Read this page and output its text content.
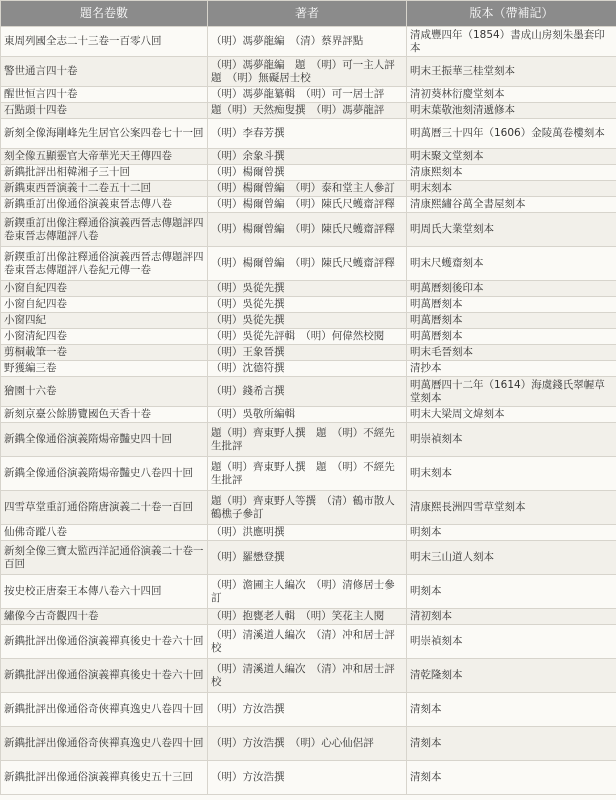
題名卷數	著者	版本（帶補記）
東周列國全志二十三卷一百零八回	（明）馮夢龍編　（清）蔡界評點	清咸豐四年（1854）書成山房刻朱墨套印本
警世通言四十卷	（明）馮夢龍編　題　（明）可一主人評　題　（明）無礙居士校	明末王振華三桂堂刻本
醒世恒言四十卷	（明）馮夢龍纂輯　（明）可一居士評	清初葵林衍慶堂刻本
石點頭十四卷	題（明）天然痴叟撰　（明）馮夢龍評	明末葉敬池刻清遞修本
新刻全像海剛峰先生居官公案四卷七十一回	（明）李春芳撰	明萬曆三十四年（1606）金陵萬卷樓刻本
刻全像五顯靈官大帝華光天王傳四卷	（明）余象斗撰	明末聚文堂刻本
新鐫批評出相韓湘子三十回	（明）楊爾曾撰	清康熙刻本
新鐫東西晉演義十二卷五十二回	（明）楊爾曾編　（明）泰和堂主人參訂	明末刻本
新鐫重訂出像通俗演義東晉志傳八卷	（明）楊爾曾編　（明）陳氏尺蠖齋評釋	清康熙繡谷萬全書屋刻本
新鍥重訂出像注釋通俗演義西晉志傳題評四卷東晉志傳題評八卷	（明）楊爾曾編　（明）陳氏尺蠖齋評釋	明周氏大業堂刻本
新鍥重訂出像註釋通俗演義西晉志傳題評四卷東晉志傳題評八卷紀元傳一卷	（明）楊爾曾編　（明）陳氏尺蠖齋評釋	明末尺蠖齋刻本
小窗自紀四卷	（明）吳從先撰	明萬曆刻後印本
小窗自紀四卷	（明）吳從先撰	明萬曆刻本
小窗四紀	（明）吳從先撰	明萬曆刻本
小窗清紀四卷	（明）吳從先評輯　（明）何偉然校閱	明萬曆刻本
剪桐載筆一卷	（明）王象晉撰	明末毛晉刻本
野獲編三卷	（明）沈德符撰	清抄本
獪園十六卷	（明）錢希言撰	明萬曆四十二年（1614）海虞錢氏翠幄草堂刻本
新刻京臺公餘勝覽國色天香十卷	（明）吳敬所編輯	明末大梁周文煒刻本
新鐫全像通俗演義隋煬帝豔史四十回	題（明）齊東野人撰　題　（明）不經先生批評	明崇禎刻本
新鐫全像通俗演義隋煬帝豔史八卷四十回	題（明）齊東野人撰　題　（明）不經先生批評	明末刻本
四雪草堂重訂通俗隋唐演義二十卷一百回	題（明）齊東野人等撰　（清）鶴市散人鶴樵子參訂	清康熙長洲四雪草堂刻本
仙佛奇蹤八卷	（明）洪應明撰	明刻本
新刻全像三寶太監西洋記通俗演義二十卷一百回	（明）羅懋登撰	明末三山道人刻本
按史校正唐秦王本傳八卷六十四回	（明）澹圃主人編次　（明）清修居士參訂	明刻本
繡像今古奇觀四十卷	（明）抱甕老人輯　（明）笑花主人閱	清初刻本
新鐫批評出像通俗演義禪真後史十卷六十回	（明）清溪道人編次　（清）冲和居士評校	明崇禎刻本
新鐫批評出像通俗演義禪真後史十卷六十回	（明）清溪道人編次　（清）冲和居士評校	清乾隆刻本
新鐫批評出像通俗奇俠禪真逸史八卷四十回	（明）方汝浩撰	清刻本
新鐫批評出像通俗奇俠禪真逸史八卷四十回	（明）方汝浩撰　（明）心心仙侶評	清刻本
新鐫批評出像通俗演義禪真後史五十三回	（明）方汝浩撰	清刻本
